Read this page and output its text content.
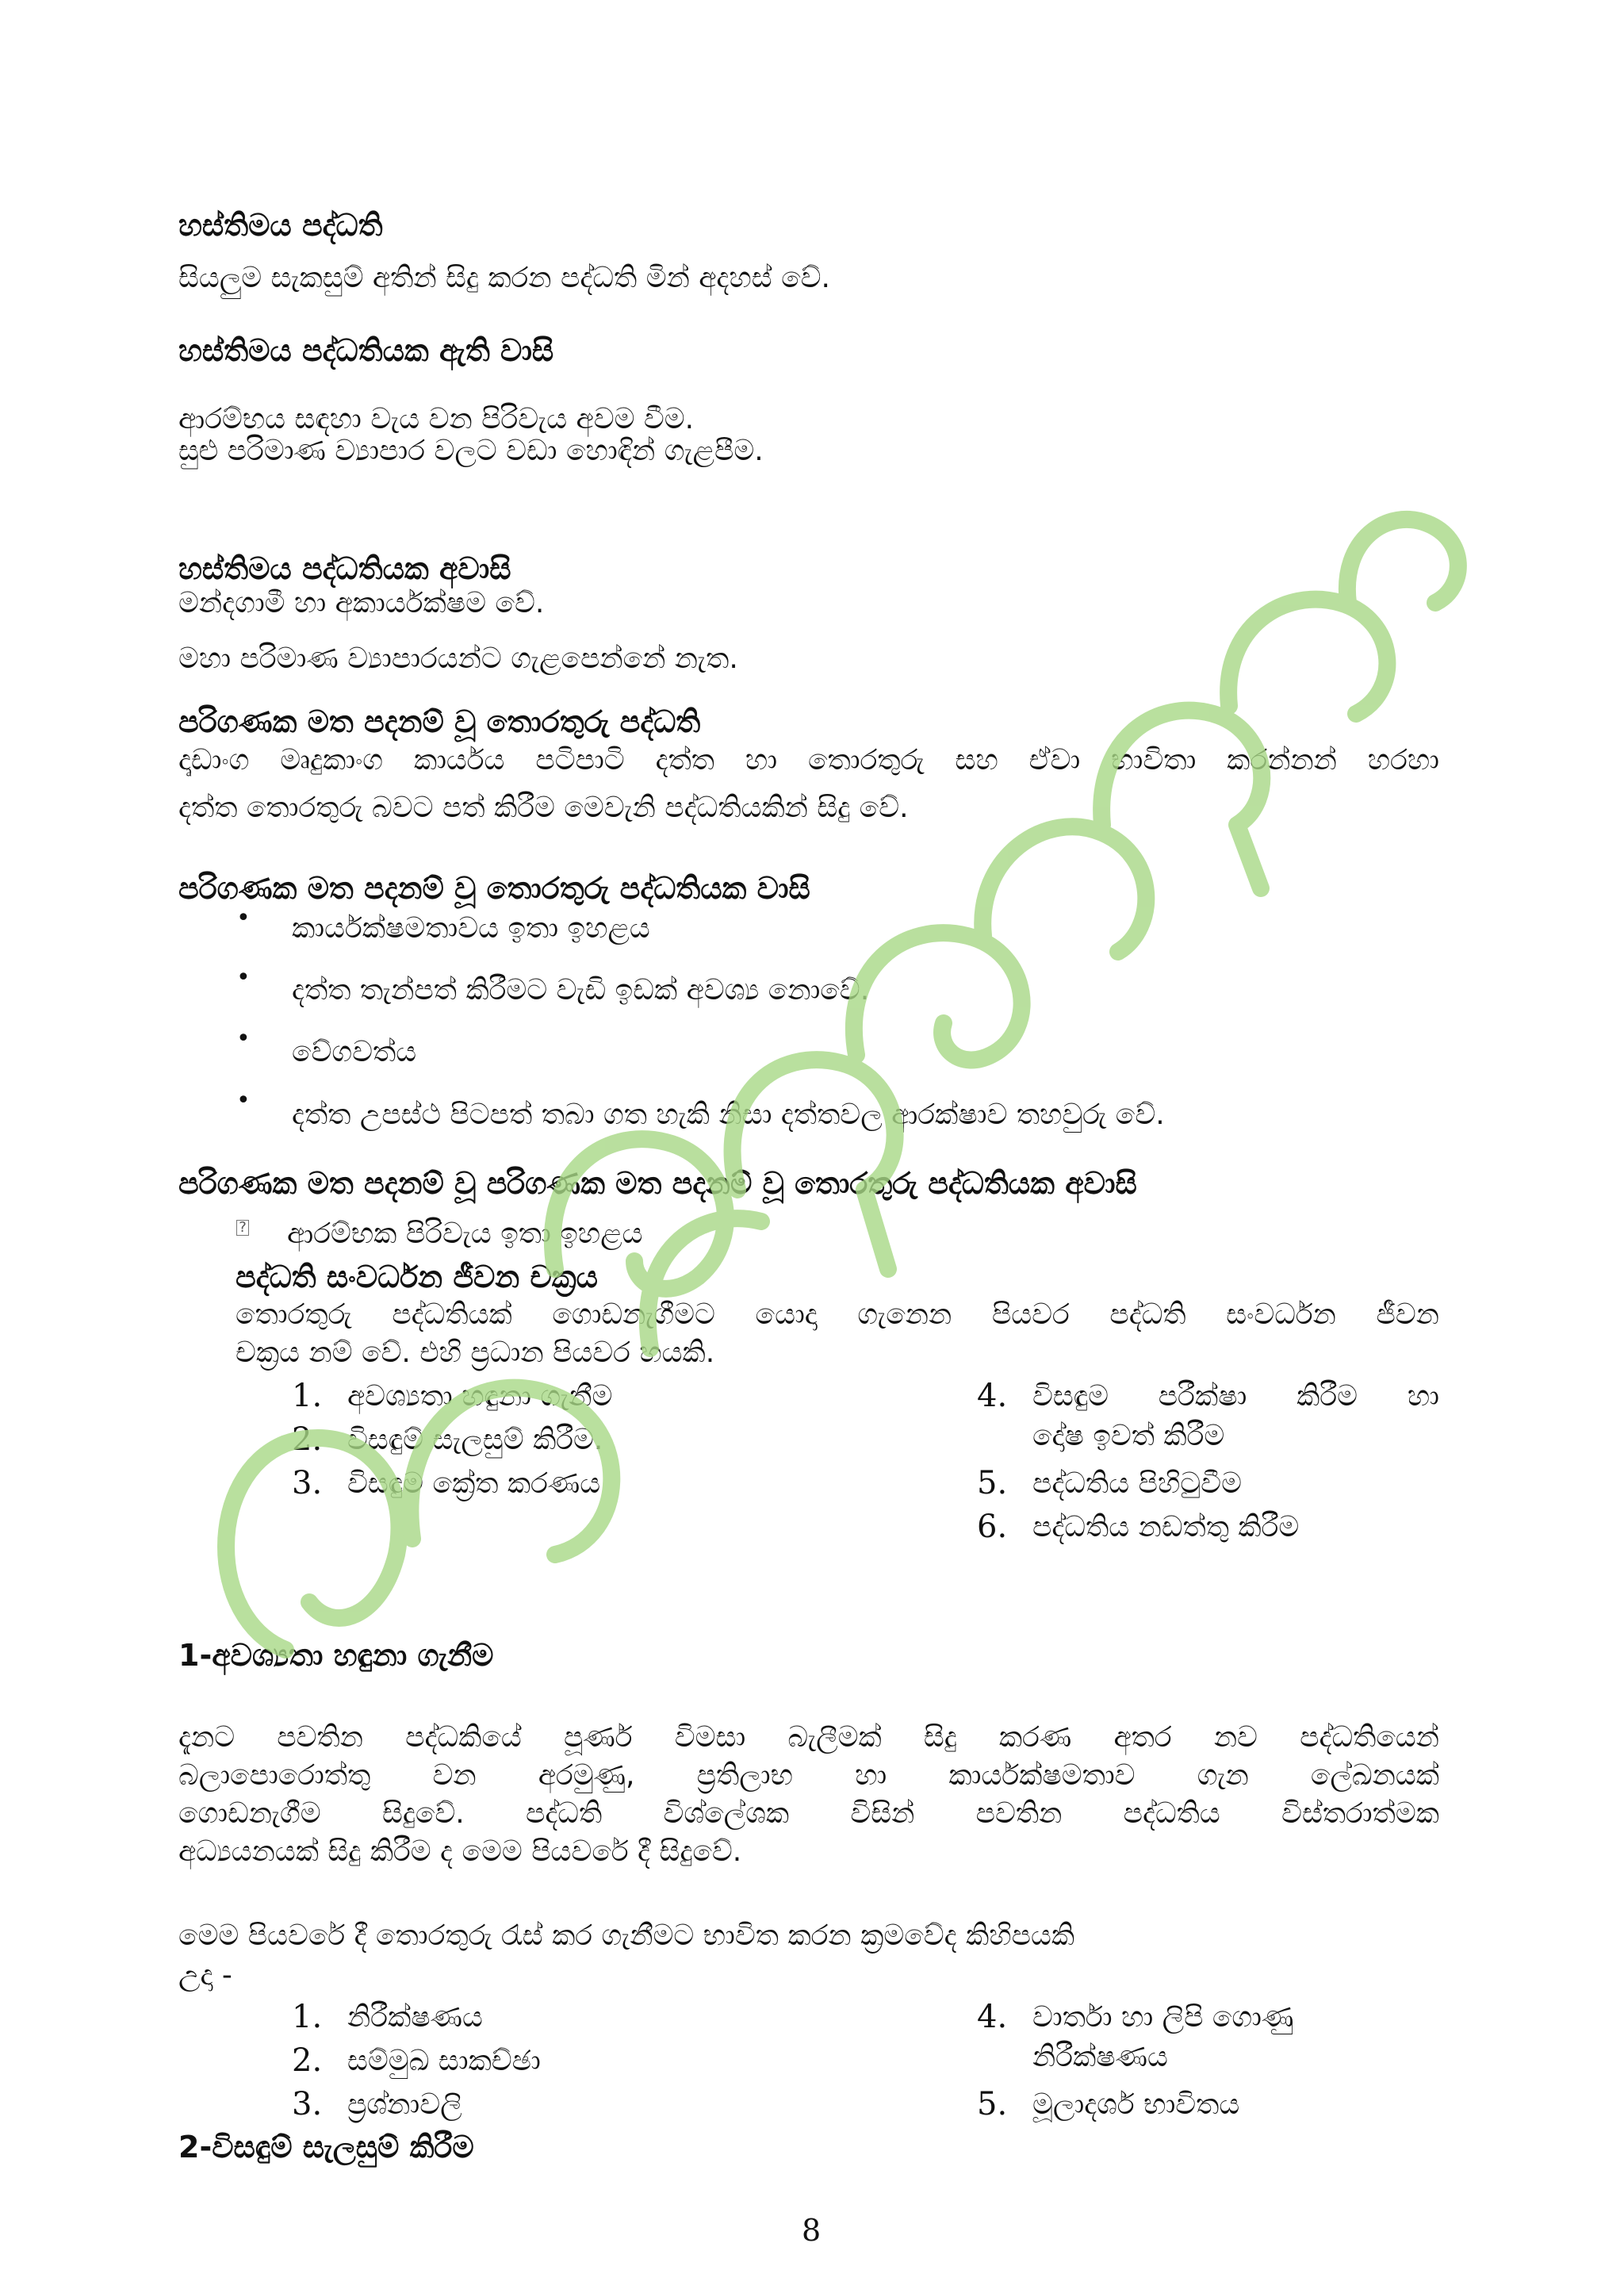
හස්තිමය පද්ධති
සියලුම සැකසුම් අතින් සිදු කරන පද්ධති මින් අදහස් වේ.
හස්තිමය පද්ධතියක ඇති වාසි
ආරම්භය සඳහා වැය වන පිරිවැය අවම වීම.
සුළු පරිමාණ ව්‍යාපාර වලට වඩා හොඳින් ගැළපීම.
හස්තිමය පද්ධතියක අවාසි
මන්දගාමී හා අකාර්යක්ෂම වේ.
මහා පරිමාණ ව්‍යාපාරයන්ට ගැළපෙන්නේ නැත.
පරිගණක මත පදනම් වූ තොරතුරු පද්ධති
දෘඩාංග මෘදුකාංග කාර්යය පටිපාටි දත්ත හා තොරතුරු සහ ඒවා භාවිතා කරන්නන් හරහා
දත්ත තොරතුරු බවට පත් කිරීම මෙවැනි පද්ධතියකින් සිදු වේ.
පරිගණක මත පදනම් වූ තොරතුරු පද්ධතියක වාසි
• කාර්යක්ෂමතාවය ඉතා ඉහළය
• දත්ත තැන්පත් කිරීමට වැඩි ඉඩක් අවශ්‍ය නොවේ.
• වේගවත්ය
• දත්ත උපස්ථ පිටපත් තබා ගත හැකි නිසා දත්තවල ආරක්ෂාව තහවුරු වේ.
පරිගණක මත පදනම් වූ පරිගණක මත පදනම් වූ තොරතුරු පද්ධතියක අවාසි
? ආරම්භක පිරිවැය ඉතා ඉහළය
පද්ධති සංවර්ධන ජීවන චක්‍රය
තොරතුරු පද්ධතියක් ගොඩනැගීමට යොදා ගැනෙන පියවර පද්ධති සංවර්ධන ජීවන
චක්‍රය නම් වේ. එහි ප්‍රධාන පියවර හයකි.
1. අවශ්‍යතා හඳුනා ගැනීම
2. විසඳුම් සැලසුම් කිරීම.
3. විසඳුම ක්‍රේත කරණය
4. විසඳුම පරීක්ෂා කිරීම හා
දෝෂ ඉවත් කිරීම
5. පද්ධතිය පිහිටුවීම
6. පද්ධතිය නඩත්තු කිරීම
1-අවශ්‍යතා හඳුනා ගැනීම
දැනට පවතින පද්ධකියේ පූර්ණ විමසා බැලීමක් සිදු කරණ අතර නව පද්ධතියෙන්
බලාපොරොත්තු වන අරමුණු, ප්‍රතිලාභ හා කාර්යක්ෂමතාව ගැන ලේඛනයක්
ගොඩනැගීම සිදුවේ. පද්ධති විශ්ලේශක විසින් පවතින පද්ධතිය විස්තරාත්මක
අධ්‍යයනයක් සිදු කිරීම ද මෙම පියවරේ දී සිදුවේ.
මෙම පියවරේ දී තොරතුරු රැස් කර ගැනීමට භාවිත කරන ක්‍රමවේද කිහිපයකි
උදා -
1. නිරීක්ෂණය
2. සම්මුඛ සාකච්ඡා
3. ප්‍රශ්නාවලි
4. වාර්තා හා ලිපි ගොණු
නිරීක්ෂණය
5. මූලාදර්ශ භාවිතය
2-විසඳුම් සැලසුම් කිරීම
8
